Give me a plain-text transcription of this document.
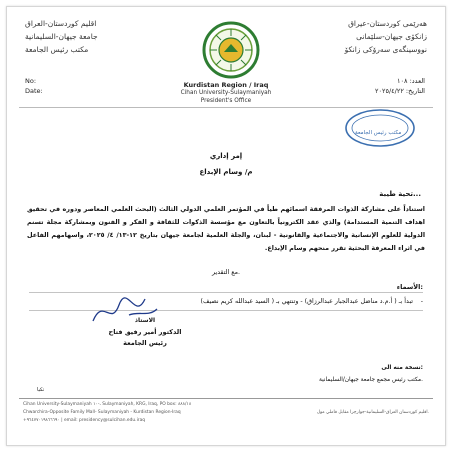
اقليم كوردستان-العراق
جامعة جيهان-السليمانية
مكتب رئيس الجامعة
هەرێمی کوردستان-عیراق
زانکۆی جیهان-سلێمانی
نووسینگەی سەرۆکی زانکۆ
Kurdistan Region / Iraq
Cihan University-Sulaymaniyah
President's Office
العدد: ١٠٨
التاريخ: ٢٠٢٥/٤/٢٢
No:
Date:
مكتب رئيس الجامعة
إمر إداري
م/ وسام الإبداع
تحية طيبة...
استناداً على مشاركة الذوات المرفقة اسمائهم طياً في المؤتمر العلمي الدولي الثالث (البحث العلمي المعاصر ودوره في تحقيق اهداف التنمية المستدامة) والذي عقد الكترونياً بالتعاون مع مؤسسة الذكوات للثقافة و الفكر و الفنون وبمشاركة مجلة تسنم الدولية للعلوم الإنسانية والاجتماعية والقانونية - لبنان، والجلة العلمية لجامعة جيهان بتاريخ ١٢-١٣/ ٤/ ٢٠٢٥، واسهامهم الفاعل في اثراء المعرفة البحثية تقرر منحهم وسام الإبداع.
مع التقدير.
الأسماء:
تبدأ بـ ( أ.م.د مناضل عبدالجبار عبدالرزاق) - وتنتهي بـ ( السيد عبدالله كريم نصيف) -
الاستاذ
الدكتور أمير رفيق فتاح
رئيس الجامعة
نسخة منه الى:
مكتب رئيس مجمع جامعة جيهان/السليمانية.
تكيا
Cihan University-Sulaymaniyah ١٠-، Sulaymaniyah, KRG, Iraq, PO box: ٨٨٨/١٨
Chwarchira-Opposite Family Mall- Sulaymaniyah - Kurdistan Region-Iraq
+٩٦٤٧٧٠١٩٨٦٦٦٩٠ | email: presidency@sulcihan.edu.iraq
اقليم كوردستان العراق-السليمانية-جوارچرا مقابل فاملي مول.
